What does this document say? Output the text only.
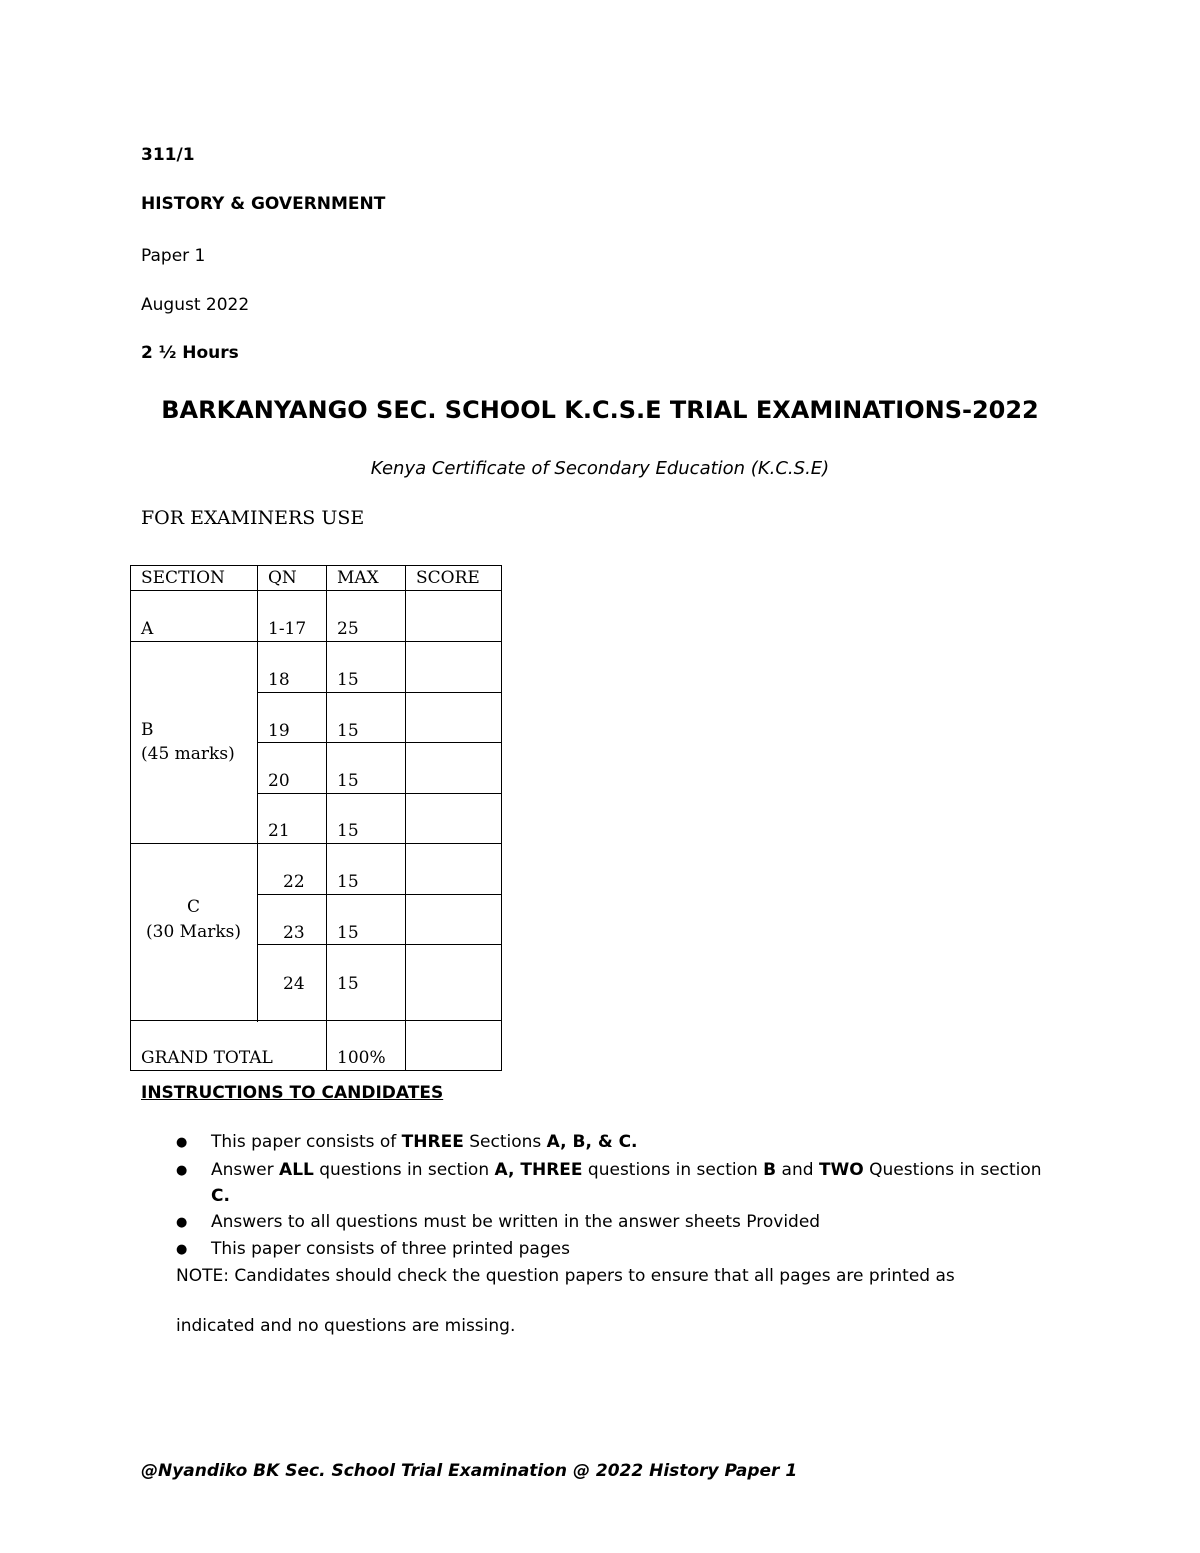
311/1
HISTORY & GOVERNMENT
Paper 1
August 2022
2 ½ Hours
BARKANYANGO SEC. SCHOOL K.C.S.E TRIAL EXAMINATIONS-2022
Kenya Certificate of Secondary Education (K.C.S.E)
FOR EXAMINERS USE
SECTION	QN MAX SCORE
A	1-17 25
B
(45 marks)
18	15
19	15
20	15
21	15
C
(30 Marks)
22 15
23 15
24 15
GRAND TOTAL	100%
INSTRUCTIONS TO CANDIDATES
● This paper consists of THREE Sections A, B, & C.
● Answer ALL questions in section A, THREE questions in section B and TWO Questions in section
C.
● Answers to all questions must be written in the answer sheets Provided
● This paper consists of three printed pages
NOTE: Candidates should check the question papers to ensure that all pages are printed as
indicated and no questions are missing.
@Nyandiko BK Sec. School Trial Examination @ 2022 History Paper 1
